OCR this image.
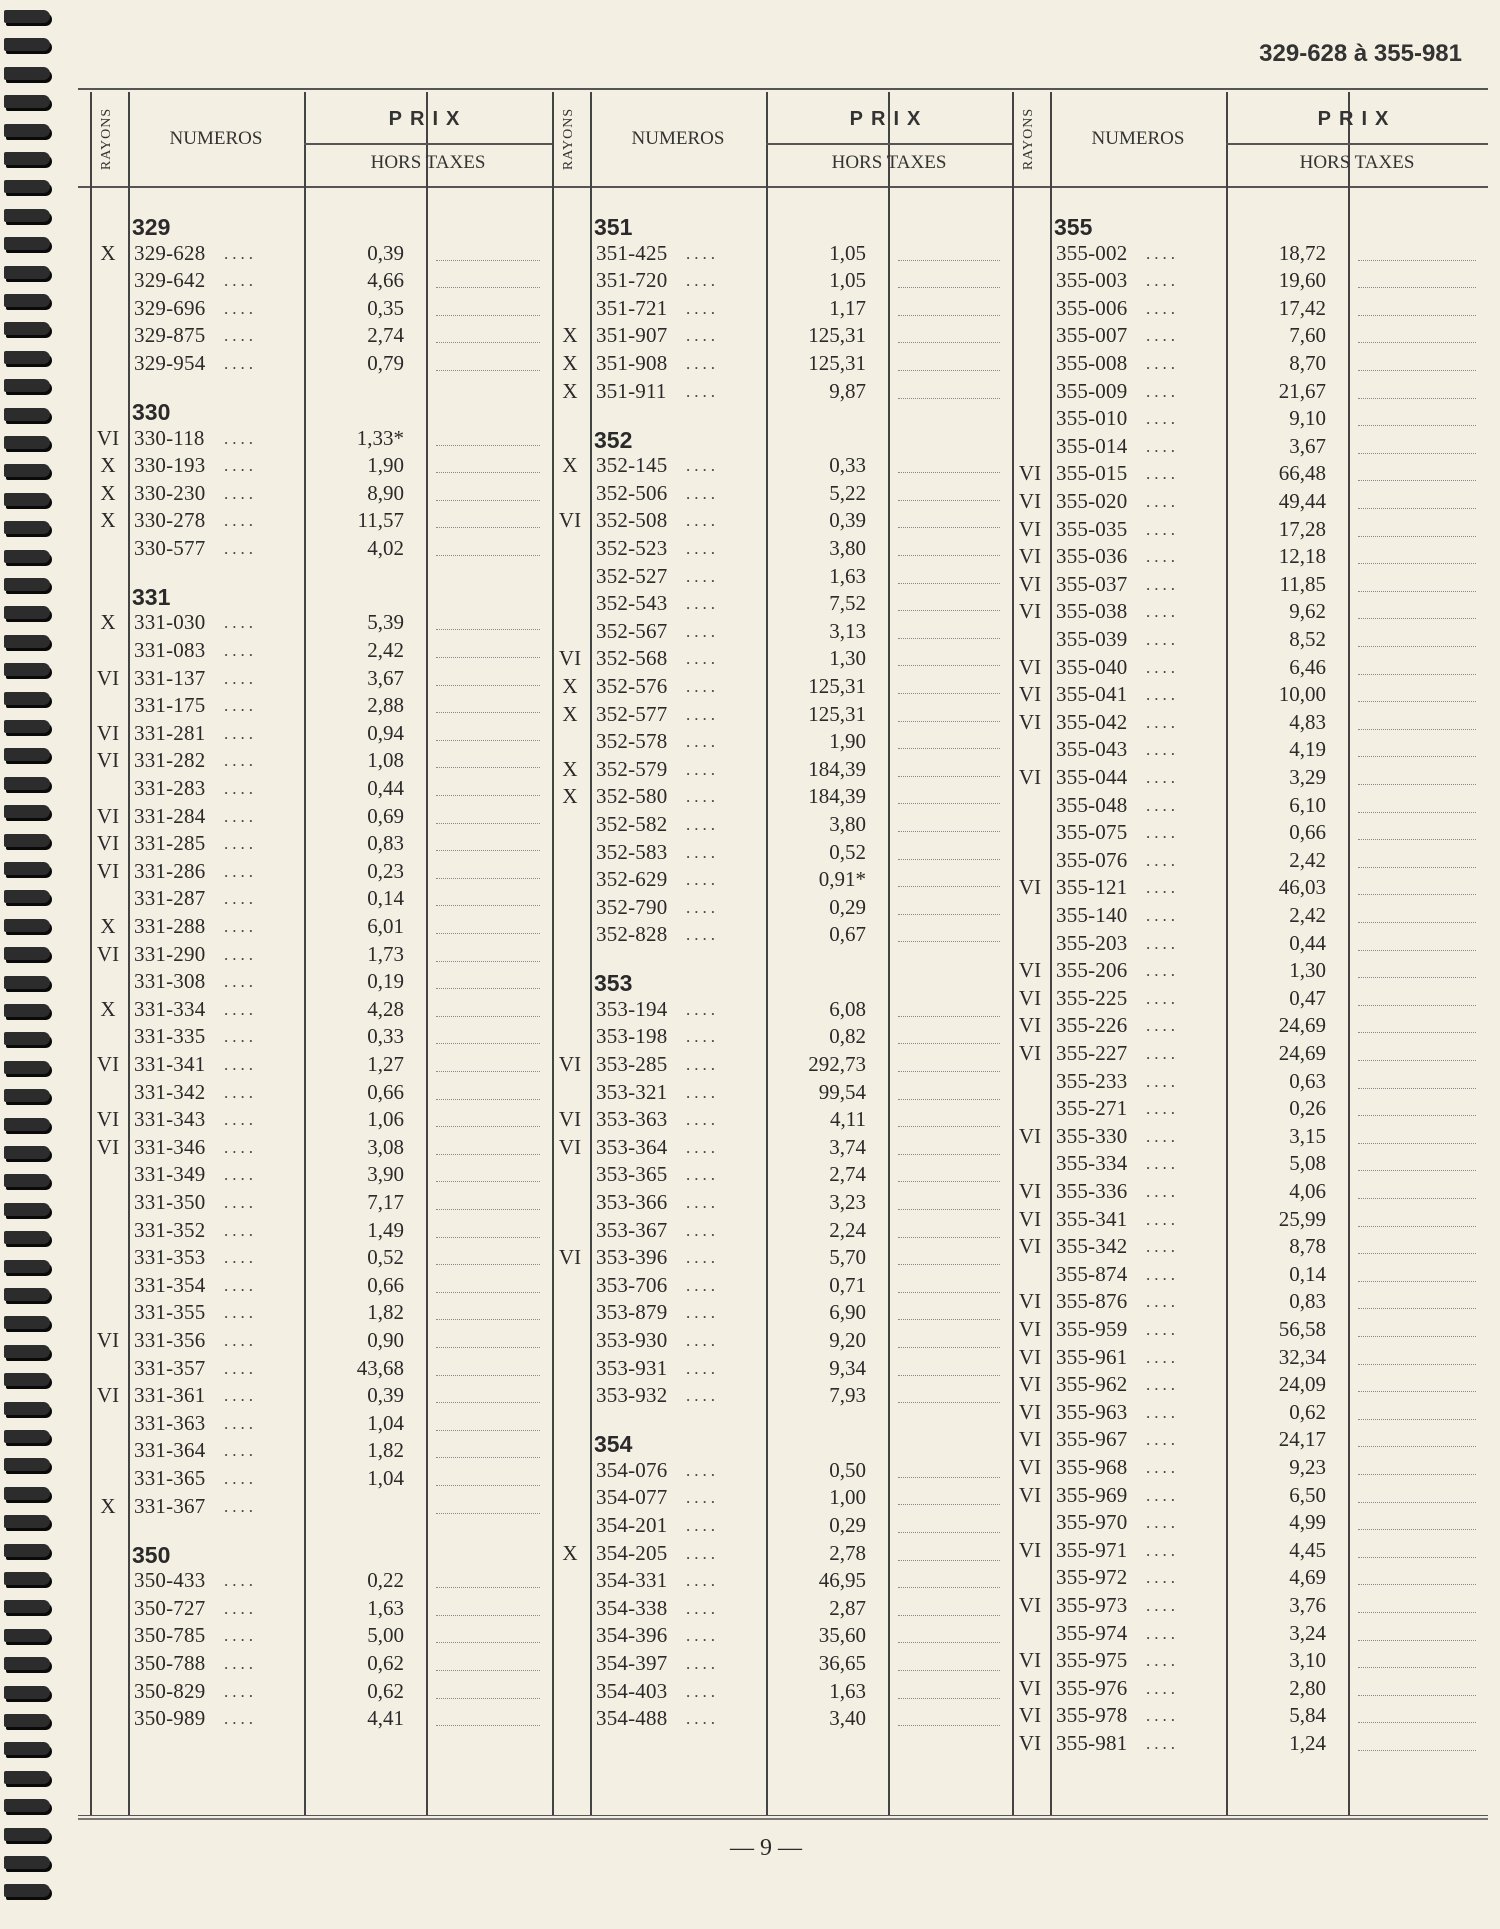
329-628 à 355-981
RAYONS	NUMEROS
PRIX
HORS TAXES
329
X 329-628 ....	0,39
329-642 ....	4,66
329-696 ....	0,35
329-875 ....	2,74
329-954 ....	0,79
330
VI 330-118 ....	1,33*
X 330-193 ....	1,90
X 330-230 ....	8,90
X 330-278 ....	11,57
330-577 ....	4,02
331
X 331-030 ....	5,39
331-083 ....	2,42
VI 331-137 ....	3,67
331-175 ....	2,88
VI 331-281 ....	0,94
VI 331-282 ....	1,08
331-283 ....	0,44
VI 331-284 ....	0,69
VI 331-285 ....	0,83
VI 331-286 ....	0,23
331-287 ....	0,14
X 331-288 ....	6,01
VI 331-290 ....	1,73
331-308 ....	0,19
X 331-334 ....	4,28
331-335 ....	0,33
VI 331-341 ....	1,27
331-342 ....	0,66
VI 331-343 ....	1,06
VI 331-346 ....	3,08
331-349 ....	3,90
331-350 ....	7,17
331-352 ....	1,49
331-353 ....	0,52
331-354 ....	0,66
331-355 ....	1,82
VI 331-356 ....	0,90
331-357 ....	43,68
VI 331-361 ....	0,39
331-363 ....	1,04
331-364 ....	1,82
331-365 ....	1,04
X 331-367 ....
350
350-433 ....	0,22
350-727 ....	1,63
350-785 ....	5,00
350-788 ....	0,62
350-829 ....	0,62
350-989 ....	4,41
RAYONS	NUMEROS
PRIX
HORS TAXES
351
351-425 ....	1,05
351-720 ....	1,05
351-721 ....	1,17
X 351-907 ....	125,31
X 351-908 ....	125,31
X 351-911 ....	9,87
352
X 352-145 ....	0,33
352-506 ....	5,22
VI 352-508 ....	0,39
352-523 ....	3,80
352-527 ....	1,63
352-543 ....	7,52
352-567 ....	3,13
VI 352-568 ....	1,30
X 352-576 ....	125,31
X 352-577 ....	125,31
352-578 ....	1,90
X 352-579 ....	184,39
X 352-580 ....	184,39
352-582 ....	3,80
352-583 ....	0,52
352-629 ....	0,91*
352-790 ....	0,29
352-828 ....	0,67
353
353-194 ....	6,08
353-198 ....	0,82
VI 353-285 ....	292,73
353-321 ....	99,54
VI 353-363 ....	4,11
VI 353-364 ....	3,74
353-365 ....	2,74
353-366 ....	3,23
353-367 ....	2,24
VI 353-396 ....	5,70
353-706 ....	0,71
353-879 ....	6,90
353-930 ....	9,20
353-931 ....	9,34
353-932 ....	7,93
354
354-076 ....	0,50
354-077 ....	1,00
354-201 ....	0,29
X 354-205 ....	2,78
354-331 ....	46,95
354-338 ....	2,87
354-396 ....	35,60
354-397 ....	36,65
354-403 ....	1,63
354-488 ....	3,40
RAYONS	NUMEROS
PRIX
HORS TAXES
355
355-002 ....	18,72
355-003 ....	19,60
355-006 ....	17,42
355-007 ....	7,60
355-008 ....	8,70
355-009 ....	21,67
355-010 ....	9,10
355-014 ....	3,67
VI 355-015 ....	66,48
VI 355-020 ....	49,44
VI 355-035 ....	17,28
VI 355-036 ....	12,18
VI 355-037 ....	11,85
VI 355-038 ....	9,62
355-039 ....	8,52
VI 355-040 ....	6,46
VI 355-041 ....	10,00
VI 355-042 ....	4,83
355-043 ....	4,19
VI 355-044 ....	3,29
355-048 ....	6,10
355-075 ....	0,66
355-076 ....	2,42
VI 355-121 ....	46,03
355-140 ....	2,42
355-203 ....	0,44
VI 355-206 ....	1,30
VI 355-225 ....	0,47
VI 355-226 ....	24,69
VI 355-227 ....	24,69
355-233 ....	0,63
355-271 ....	0,26
VI 355-330 ....	3,15
355-334 ....	5,08
VI 355-336 ....	4,06
VI 355-341 ....	25,99
VI 355-342 ....	8,78
355-874 ....	0,14
VI 355-876 ....	0,83
VI 355-959 ....	56,58
VI 355-961 ....	32,34
VI 355-962 ....	24,09
VI 355-963 ....	0,62
VI 355-967 ....	24,17
VI 355-968 ....	9,23
VI 355-969 ....	6,50
355-970 ....	4,99
VI 355-971 ....	4,45
355-972 ....	4,69
VI 355-973 ....	3,76
355-974 ....	3,24
VI 355-975 ....	3,10
VI 355-976 ....	2,80
VI 355-978 ....	5,84
VI 355-981 ....	1,24
— 9 —
